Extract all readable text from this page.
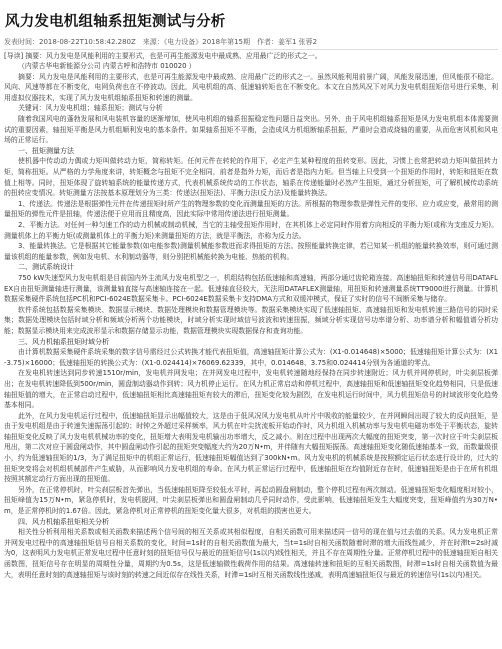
风力发电机组轴系扭矩测试与分析
发表时间：2018-08-22T10:58:42.280Z　来源：《电力设备》2018年第15期　作者：姜军1 张蓉2

[导读] 摘要：风力发电是风能利用的主要形式，也是可再生能源发电中最成熟、应用最广泛的形式之一。

（内蒙古华电新能源分公司 内蒙古呼和浩特市 010020 ）

摘要：风力发电是风能利用的主要形式，也是可再生能源发电中最成熟、应用最广泛的形式之一。虽然风能利用前景广阔，风能发展迅速，但风能很不稳定。风向、风速等都在不断变化，电网负荷也在不停波动。因此，风电机组的高、低速轴转矩也在不断变化。本文在自然风况下对风力发电机组扭矩信号进行采集，利用虚拟仪器技术，实现了风力发电机组轴系扭矩和转速的测量。

关键词：风力发电机组；轴系扭矩；测试与分析

随着我国风电的蓬勃发展和风电装机容量的逐渐增加，使风电机组的轴系扭振稳定性问题日益突出。另外，由于风电机组轴系扭矩是风力发电机组本体需要测试的重要因素，轴扭矩平衡是风力机组顺利发电的基本条件。如果轴系扭矩不平衡，会造成风力机组断轴系扭振，严重时会造成烧轴的重要，从而危害风机和风电场的正常运行。

一、扭矩测量方法

使机器中传动动力偶或力矩叫做转动力矩，简称转矩。任何元件在转轮的作用下，必定产生某种程度的扭转变形。因此，习惯上也常把转动力矩叫做扭转力矩，简称扭矩。从严格的力学角度来讲，转矩概念与扭矩不完全相同，前者是指外力矩，而后者是指内力矩。但当轴上只受到一个扭矩的作用时，转矩和扭矩在数值上相等。同时，扭矩体现了旋转轴系统的能量传递方式，代表机械系统传动的工作状态，轴系在传递能量时必然产生扭矩，通过分析扭矩，可了解机械传动系统的扭转应变情况。转矩测量方法按基本原理划分为三类：传递法(扭矩法)、平衡力法(反力法)及能量转换法。

1、传递法。传递法是根据弹性元件在传递扭矩时所产生的物理参数的变化而测量扭矩的方法。所根据的物理参数是弹性元件的变形、应力或应变，最常用的测量扭矩的弹性元件是扭轴，传递法便于应用而且精度高，因此实际中常用传递法进行扭矩测量。

2、平衡力法。对任何一种匀速工作的动力机械或制动机械，当它的主轴受扭矩作用时，在其机体上必定同时作用着方向相反的平衡力矩(或称为支座反力矩)。测量机体上的平衡力矩(或测量机体上的平衡力矩)来测量扭矩的方法，就是平衡法，亦称为反力法。

3、能量转换法。它是根据其它能量参数(如电能参数)测量机械能参数进而求得扭矩的方法。按照能量转换定律，若已知某一机组的能量转换效率，则可通过测量该机组的能量参数，例如发电机、水利制动器等，则分别把机械能转换为电能、热能的机构。

二、测试系统设计

750 kW失速型风力发电机组是目前国内外主流风力发电机型之一，机组结构包括低速轴和高速轴，两部分通过齿轮箱连接。高速轴扭矩和转速信号用DATAFLEX自由扭矩测量轴进行测量，该测量轴直接与高速轴连接在一起。低速轴直径较大，无法用DATAFLEX测量轴，用扭矩和转速测量系统TT9000进行测量。计算机数据采集硬件系统包括PC机和PCI-6024E数据采集卡。PCI-6024E数据采集卡支持DMA方式和双缓冲模式，保证了实时的信号不间断采集与储存。

软件系统包括数据采集模块、数据显示模块、数据处理模块和数据管理模块等。数据采集模块实现了低速轴扭矩、高速轴扭矩和发电机转速三路信号的同时采集；数据处理模块包括时域分析和频域分析两个功能模块，时域分析实现时域信号波波和转速扭振，频域分析实现信号功率谱分析、功率谱分析和幅值谱分析功能；数据显示模块用来完成波形显示和数据存储显示功能，数据管理模块实现数据保存和查询功能。

三、风力机轴系扭矩时域分析

由计算机数据采集硬件系统采集的数字信号需经过公式转换才能代表扭矩值，高速轴扭矩计算公式为：(X1-0.014648)×5000；低速轴扭矩计算公式为：(X1-3.75)×16000；低速轴扭矩的转换公式为：(X1-0.024414)×76069.62339，其中，0.014648、3.75和0.024414分别为各通道的零点。

在发电机转速达到同步转速1510r/min，发电机并网发电；在并网发电过程中，发电机转速随地经保持在同步转速附近；风力机并网停机时，叶尖刹层板弹出；在发电机转速降低到500r/min，圆盘制动器动作到转；风力机停止运行。在风力机正常启动和停机过程中，高速轴扭矩和低速轴扭矩变化趋势相同，只是低速轴扭矩值的增大，在正常启动过程中，低速轴扭矩相比高速轴扭矩有较大的滞后，扭矩变化较为剧烈，在发电机运行时间中，风力机扭矩信号的时域波形变化趋势基本相同。

此外，在风力发电机运行过程中，低速轴扭矩显示出幅值较大，这是由于低风况风力发电机从叶片中吸收的能量较少，在并网瞬间出现了较大的反向扭矩，是由于发电机组是由于转速失速振荡引起的；时钟之外超过采样频率，风力机在叶尖扰流板开始动作时，风力机组入机械功率与发电机电磁功率处于平衡状态，旋转轴扭矩变化反映了风力发电机机械功率的变化，扭矩增大表明发电机输出功率增大，反之减小。则在过程中出现两次大幅度的扭矩突变，第一次时应于叶尖刹层板甩出，第二次对应于圆盘闸动作，其中圆盘闸动作引起的扭矩突变幅度大约为20万N•m，并伴随有大幅扭矩振荡。高速轴扭矩变化随低速轴基本一致，而数量级很小，约为低速轴扭矩的1/3，为了满足扭矩中的机组正常运行，低速轴扭矩幅值达到了300kN•m。风力发电机的机械系统是按照额定运行状态进行设计的，过大的扭矩突变将会对机组机械部件产生威胁，从而影响风力发电机组的寿命。在风力机正常运行过程中，低速轴扭矩在均值附近存在时，低速轴扭矩是由于在所有机组按照其额定动行方面出现的扭矩值。

另外，在正常停机时，叶尖刹层板首先弹出，当低速轴扭矩降至较低水平时，再起动圆盘闸制动，整个停机过程有两次制动。低速轴扭矩变化幅度相对较小，扭矩峰值为15万N•m，紧急停机时，发电机脱网，叶尖刹层板弹出和圆盘闸制动几乎同时动作，受此影响，低速轴扭矩发生大幅度突变，扭矩峰值约为30万N•m，是正常停机时的1.67倍。因此，紧急停机对正常停机的扭矩变化量大很多，对机组的损害也更大。

四、风力机轴系扭矩相关分析

相关性分析利用相关系数或相关函数来描述两个信号间的相互关系或其相似程度，自相关函数可用来描述同一信号的现在值与过去值的关系。风力发电机正常并网发电过程中的高速轴扭矩信号自相关系数的变化，时间=1s时的自相关函数值为最大，当t=1s时自相关函数随着时滞的增大而线性减少，并在时滞t=2s时减为0，这表明风力发电机正常发电过程中任意时刻的扭矩信号仅与最近的扭矩信号(1s以内)线性相关，并且不存在周期性分量。正常停机过程中的低速轴扭矩自相关函数图，扭矩信号存在明显的周期性分量，周期约为0.5s，这是低速轴微性载荷作用的结果。高速轴转速和扭矩的互相关函数图，时滞=1s时自相关函数值为最大，表明任意时刻的高速轴扭矩与该时刻的转速之间近似存在线性关系，时滞=1s时互相关函数线性递减，表明高速轴扭矩仅与最近的转速信号(1s以内)相关。
